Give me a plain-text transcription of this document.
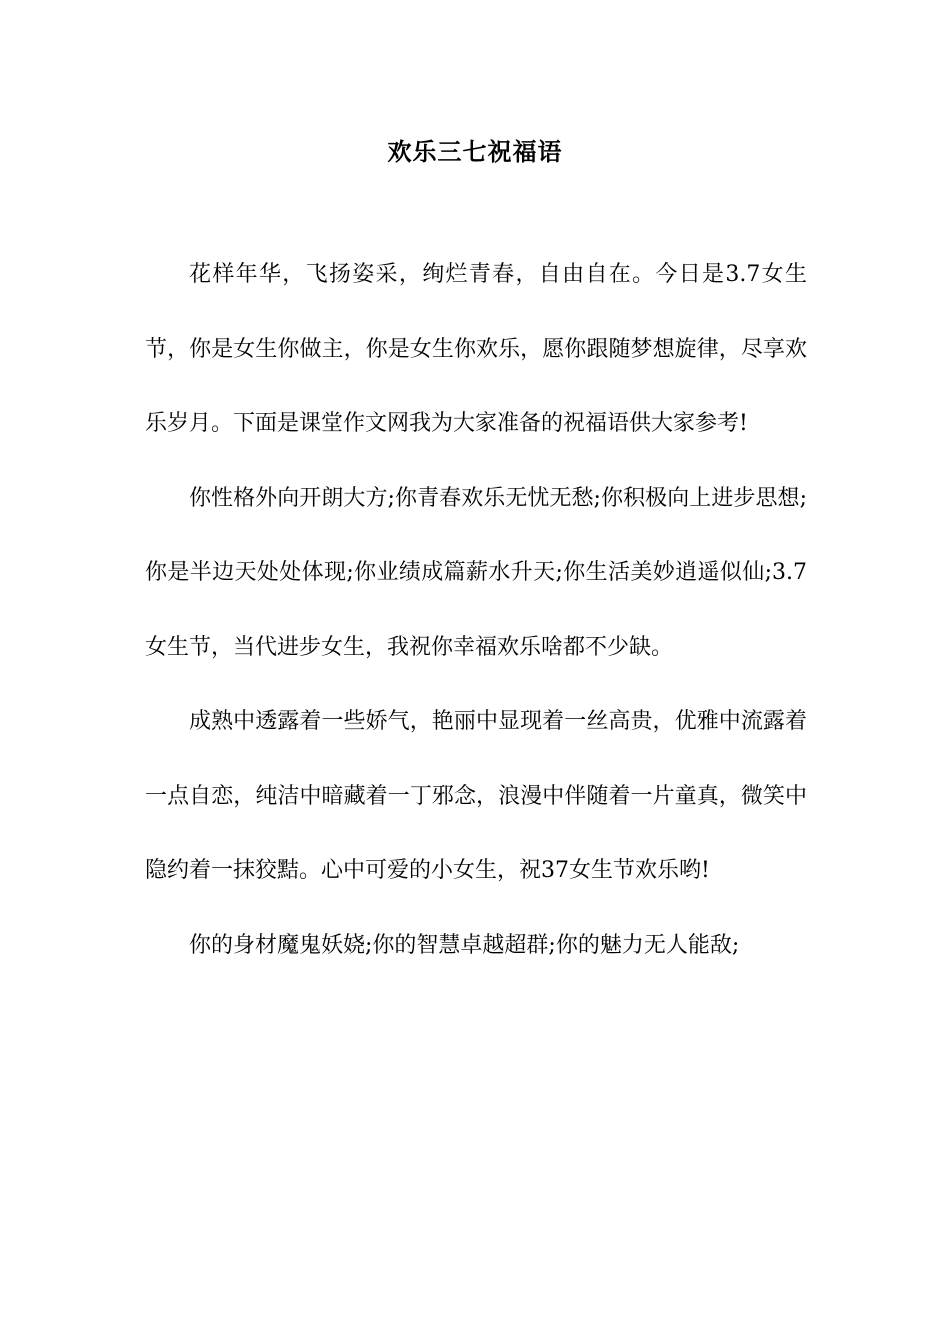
欢乐三七祝福语

花样年华，飞扬姿采，绚烂青春，自由自在。今日是3.7女生节，你是女生你做主，你是女生你欢乐，愿你跟随梦想旋律，尽享欢乐岁月。下面是课堂作文网我为大家准备的祝福语供大家参考!

你性格外向开朗大方;你青春欢乐无忧无愁;你积极向上进步思想;你是半边天处处体现;你业绩成篇薪水升天;你生活美妙逍遥似仙;3.7女生节，当代进步女生，我祝你幸福欢乐啥都不少缺。

成熟中透露着一些娇气，艳丽中显现着一丝高贵，优雅中流露着一点自恋，纯洁中暗藏着一丁邪念，浪漫中伴随着一片童真，微笑中隐约着一抹狡黠。心中可爱的小女生，祝37女生节欢乐哟!

你的身材魔鬼妖娆;你的智慧卓越超群;你的魅力无人能敌;
